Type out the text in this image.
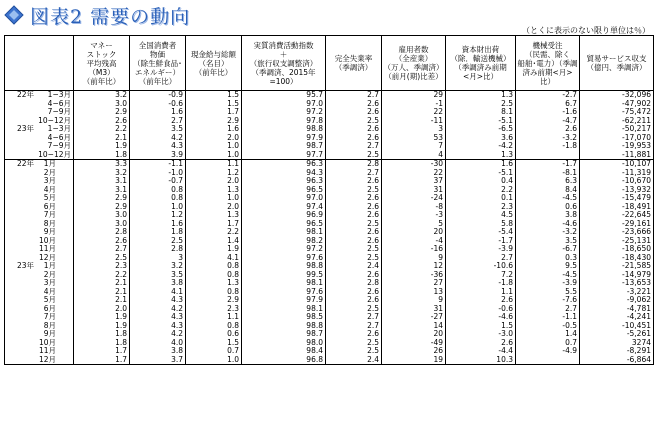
図表2 需要の動向
（とくに表示のない限り単位は％）
	マネー
ストック
平均残高
（M3）
（前年比）	全国消費者
物価
（除生鮮食品･
エネルギー）
（前年比）	現金給与総額
（名目）
（前年比）	実質消費活動指数
＋
（旅行収支調整済）
（季調済、2015年
=100）	完全失業率
（季調済）	雇用者数
（全産業）
（万人、季調済）
（前月(期)比差）	資本財出荷
（除．輸送機械）
（季調済み前期
<月>比）	機械受注
（民需、除く
船舶･電力）（季調
済み前期<月>
比）	貿易サービス収支
（億円、季調済）
22年 1−3月	3.2	-0.9	1.5	95.7	2.7	29	1.3	-2.7	-32,096
4−6月	3.0	-0.6	1.5	97.0	2.6	-1	2.5	6.7	-47,902
7−9月	2.9	1.6	1.7	97.2	2.6	22	8.1	-1.6	-75,472
10−12月	2.6	2.7	2.9	97.8	2.5	-11	-5.1	-4.7	-62,211
23年 1−3月	2.2	3.5	1.6	98.8	2.6	3	-6.5	2.6	-50,217
4−6月	2.1	4.2	2.0	97.9	2.6	53	3.6	-3.2	-17,070
7−9月	1.9	4.3	1.0	98.7	2.7	7	-4.2	-1.8	-19,953
10−12月	1.8	3.9	1.0	97.7	2.5	4	1.3		-11,881
22年 1月	3.3	-1.1	1.1	96.3	2.8	-30	1.6	-1.7	-10,107
2月	3.2	-1.0	1.2	94.3	2.7	22	-5.1	-8.1	-11,319
3月	3.1	-0.7	2.0	96.3	2.6	37	0.4	6.3	-10,670
4月	3.1	0.8	1.3	96.5	2.5	31	2.2	8.4	-13,932
5月	2.9	0.8	1.0	97.0	2.6	-24	0.1	-4.5	-15,479
6月	2.9	1.0	2.0	97.4	2.6	-8	2.3	0.6	-18,491
7月	3.0	1.2	1.3	96.9	2.6	-3	4.5	3.8	-22,645
8月	3.0	1.6	1.7	96.5	2.5	5	5.8	-4.6	-29,161
9月	2.8	1.8	2.2	98.1	2.6	20	-5.4	-3.2	-23,666
10月	2.6	2.5	1.4	98.2	2.6	-4	-1.7	3.5	-25,131
11月	2.7	2.8	1.9	97.2	2.5	-16	-3.9	-6.7	-18,650
12月	2.5	3	4.1	97.6	2.5	9	2.7	0.3	-18,430
23年 1月	2.3	3.2	0.8	98.8	2.4	12	-10.6	9.5	-21,585
2月	2.2	3.5	0.8	99.5	2.6	-36	7.2	-4.5	-14,979
3月	2.1	3.8	1.3	98.1	2.8	27	-1.8	-3.9	-13,653
4月	2.1	4.1	0.8	97.6	2.6	13	1.1	5.5	-3,221
5月	2.1	4.3	2.9	97.9	2.6	9	2.6	-7.6	-9,062
6月	2.0	4.2	2.3	98.1	2.5	31	-0.6	2.7	-4,781
7月	1.9	4.3	1.1	98.5	2.7	-27	-4.6	-1.1	-4,241
8月	1.9	4.3	0.8	98.8	2.7	14	1.5	-0.5	-10,451
9月	1.8	4.2	0.6	98.7	2.6	20	-3.0	1.4	-5,261
10月	1.8	4.0	1.5	98.0	2.5	-49	2.6	0.7	3274
11月	1.7	3.8	0.7	98.4	2.5	26	-4.4	-4.9	-8,291
12月	1.7	3.7	1.0	96.8	2.4	19	10.3		-6,864
